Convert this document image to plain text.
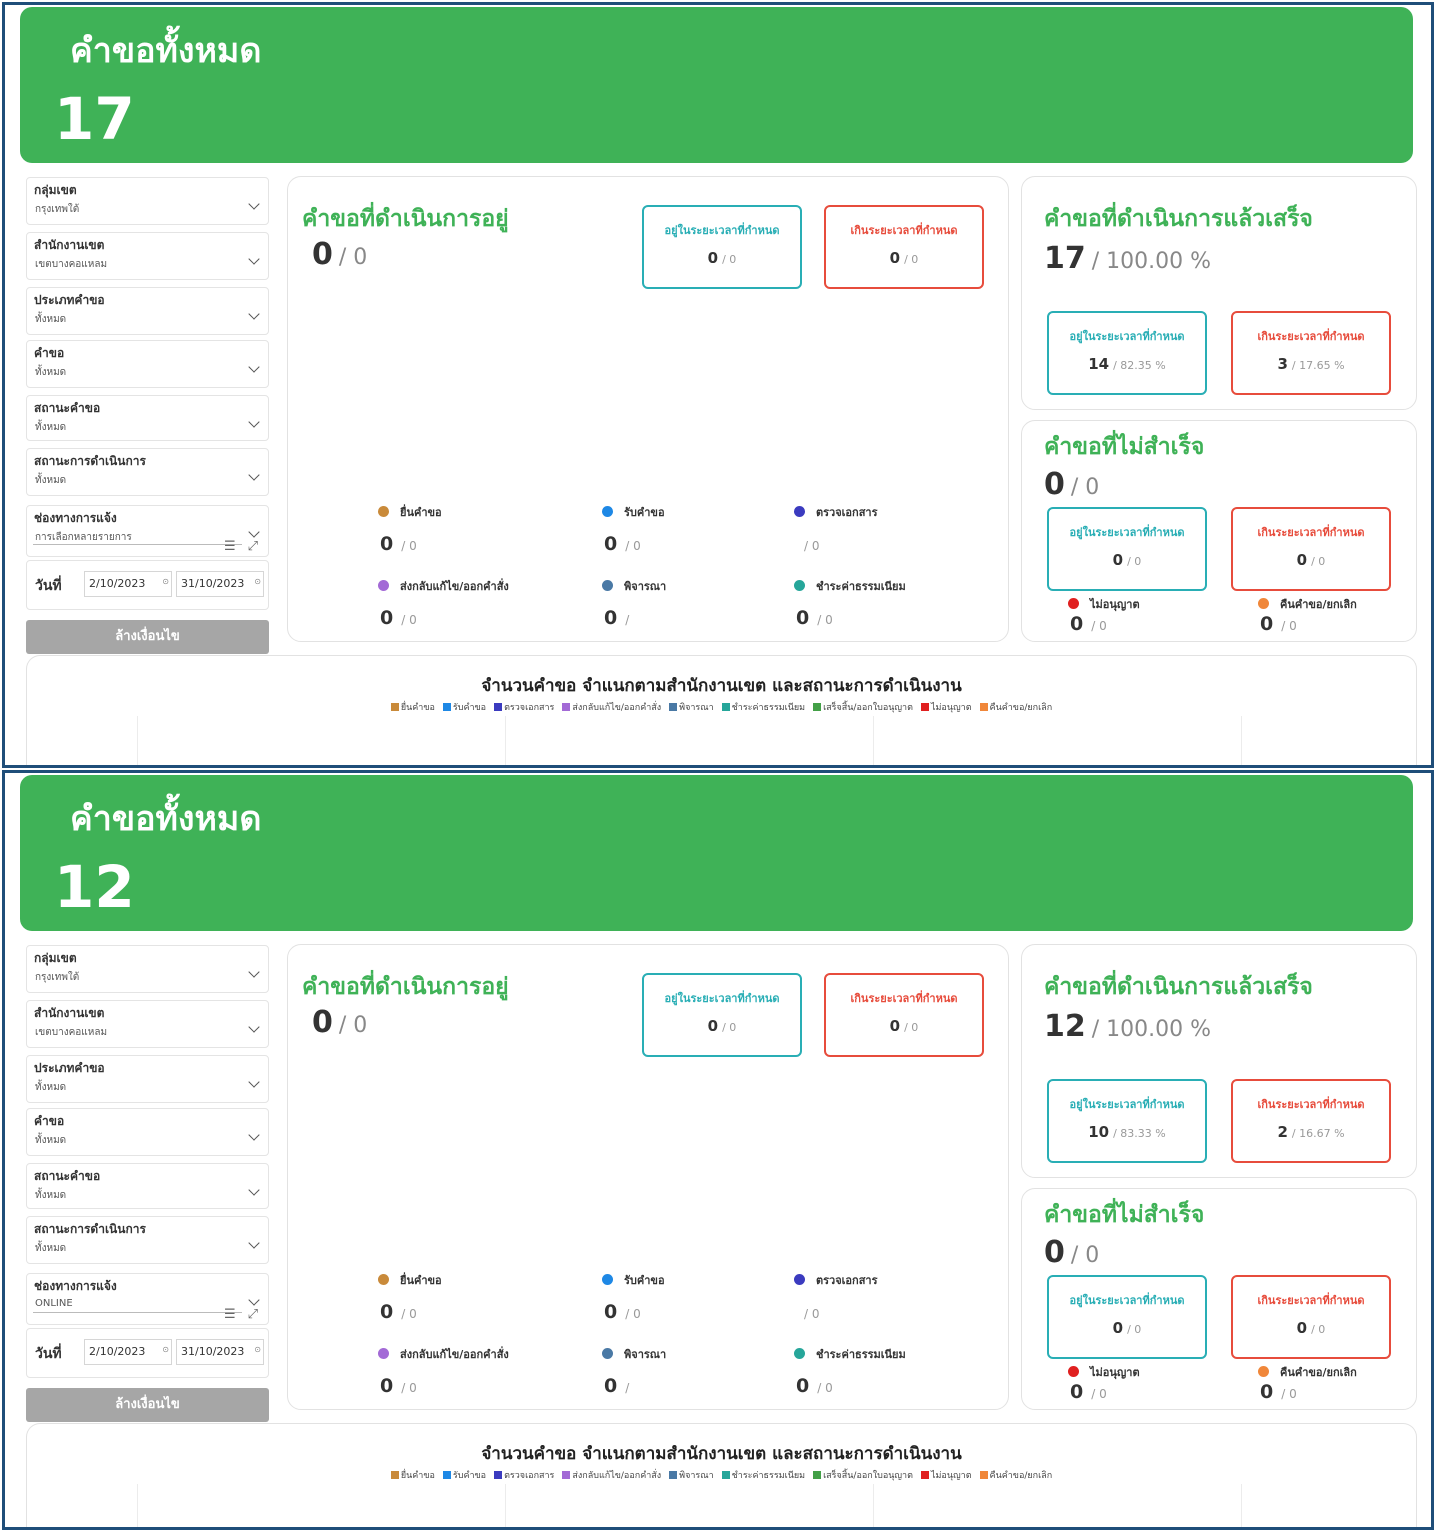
คำขอทั้งหมด
17
ช่องทางการแจ้ง
การเลือกหลายรายการ
☰ ⤢
สถานะการดำเนินการ
ทั้งหมด
สถานะคำขอ
ทั้งหมด
คำขอ
ทั้งหมด
ประเภทคำขอ
ทั้งหมด
สำนักงานเขต
เขตบางคอแหลม
กลุ่มเขต
กรุงเทพใต้
วันที่	2/10/2023 ⊙	31/10/2023 ⊙
ล้างเงื่อนไข
คำขอที่ดำเนินการอยู่
0 / 0
อยู่ในระยะเวลาที่กำหนด
0 / 0
เกินระยะเวลาที่กำหนด
0 / 0
ยื่นคำขอ
0 / 0
รับคำขอ
0 / 0
ตรวจเอกสาร
/ 0
ส่งกลับแก้ไข/ออกคำสั่ง
0 / 0
พิจารณา
0 /
ชำระค่าธรรมเนียม
0 / 0
คำขอที่ดำเนินการแล้วเสร็จ
17 / 100.00 %
อยู่ในระยะเวลาที่กำหนด
14 / 82.35 %
เกินระยะเวลาที่กำหนด
3 / 17.65 %
คำขอที่ไม่สำเร็จ
0 / 0
อยู่ในระยะเวลาที่กำหนด
0 / 0
เกินระยะเวลาที่กำหนด
0 / 0
ไม่อนุญาต
0 / 0
คืนคำขอ/ยกเลิก
0 / 0
จำนวนคำขอ จำแนกตามสำนักงานเขต และสถานะการดำเนินงาน
ยื่นคำขอ รับคำขอ ตรวจเอกสาร ส่งกลับแก้ไข/ออกคำสั่ง พิจารณา ชำระค่าธรรมเนียม เสร็จสิ้น/ออกใบอนุญาต ไม่อนุญาต คืนคำขอ/ยกเลิก
คำขอทั้งหมด
12
ช่องทางการแจ้ง
ONLINE
☰ ⤢
สถานะการดำเนินการ
ทั้งหมด
สถานะคำขอ
ทั้งหมด
คำขอ
ทั้งหมด
ประเภทคำขอ
ทั้งหมด
สำนักงานเขต
เขตบางคอแหลม
กลุ่มเขต
กรุงเทพใต้
วันที่	2/10/2023 ⊙	31/10/2023 ⊙
ล้างเงื่อนไข
คำขอที่ดำเนินการอยู่
0 / 0
อยู่ในระยะเวลาที่กำหนด
0 / 0
เกินระยะเวลาที่กำหนด
0 / 0
ยื่นคำขอ
0 / 0
รับคำขอ
0 / 0
ตรวจเอกสาร
/ 0
ส่งกลับแก้ไข/ออกคำสั่ง
0 / 0
พิจารณา
0 /
ชำระค่าธรรมเนียม
0 / 0
คำขอที่ดำเนินการแล้วเสร็จ
12 / 100.00 %
อยู่ในระยะเวลาที่กำหนด
10 / 83.33 %
เกินระยะเวลาที่กำหนด
2 / 16.67 %
คำขอที่ไม่สำเร็จ
0 / 0
อยู่ในระยะเวลาที่กำหนด
0 / 0
เกินระยะเวลาที่กำหนด
0 / 0
ไม่อนุญาต
0 / 0
คืนคำขอ/ยกเลิก
0 / 0
จำนวนคำขอ จำแนกตามสำนักงานเขต และสถานะการดำเนินงาน
ยื่นคำขอ รับคำขอ ตรวจเอกสาร ส่งกลับแก้ไข/ออกคำสั่ง พิจารณา ชำระค่าธรรมเนียม เสร็จสิ้น/ออกใบอนุญาต ไม่อนุญาต คืนคำขอ/ยกเลิก
